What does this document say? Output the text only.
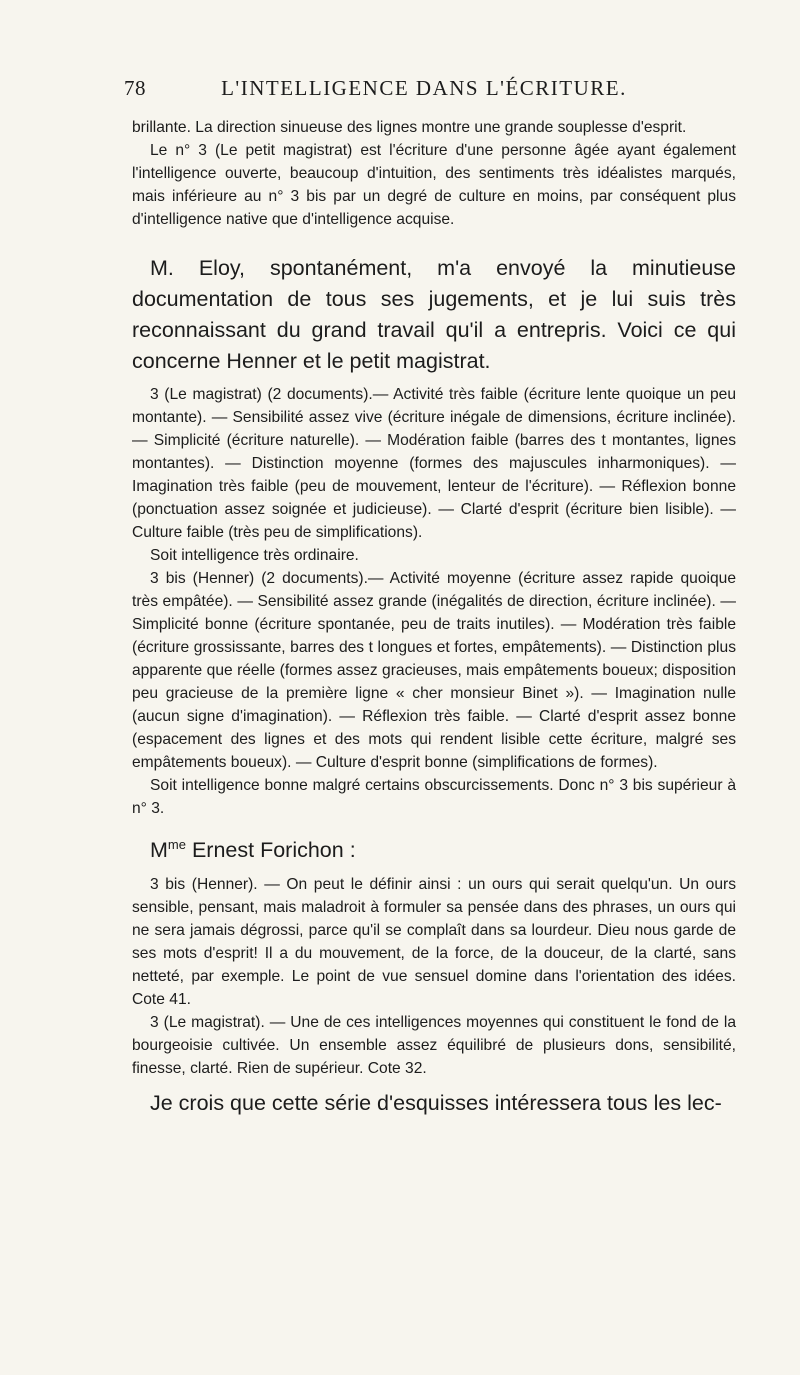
78	L'INTELLIGENCE DANS L'ÉCRITURE.

brillante. La direction sinueuse des lignes montre une grande souplesse d'esprit.

Le n° 3 (Le petit magistrat) est l'écriture d'une personne âgée ayant également l'intelligence ouverte, beaucoup d'intuition, des sentiments très idéalistes marqués, mais inférieure au n° 3 bis par un degré de culture en moins, par conséquent plus d'intelligence native que d'intelligence acquise.

M. Eloy, spontanément, m'a envoyé la minutieuse documentation de tous ses jugements, et je lui suis très reconnaissant du grand travail qu'il a entrepris. Voici ce qui concerne Henner et le petit magistrat.

3 (Le magistrat) (2 documents).— Activité très faible (écriture lente quoique un peu montante). — Sensibilité assez vive (écriture inégale de dimensions, écriture inclinée). — Simplicité (écriture naturelle). — Modération faible (barres des t montantes, lignes montantes). — Distinction moyenne (formes des majuscules inharmoniques). — Imagination très faible (peu de mouvement, lenteur de l'écriture). — Réflexion bonne (ponctuation assez soignée et judicieuse). — Clarté d'esprit (écriture bien lisible). — Culture faible (très peu de simplifications).

Soit intelligence très ordinaire.

3 bis (Henner) (2 documents).— Activité moyenne (écriture assez rapide quoique très empâtée). — Sensibilité assez grande (inégalités de direction, écriture inclinée). — Simplicité bonne (écriture spontanée, peu de traits inutiles). — Modération très faible (écriture grossissante, barres des t longues et fortes, empâtements). — Distinction plus apparente que réelle (formes assez gracieuses, mais empâtements boueux; disposition peu gracieuse de la première ligne « cher monsieur Binet »). — Imagination nulle (aucun signe d'imagination). — Réflexion très faible. — Clarté d'esprit assez bonne (espacement des lignes et des mots qui rendent lisible cette écriture, malgré ses empâtements boueux). — Culture d'esprit bonne (simplifications de formes).

Soit intelligence bonne malgré certains obscurcissements. Donc n° 3 bis supérieur à n° 3.

$M^{me}$ Ernest Forichon :

3 bis (Henner). — On peut le définir ainsi : un ours qui serait quelqu'un. Un ours sensible, pensant, mais maladroit à formuler sa pensée dans des phrases, un ours qui ne sera jamais dégrossi, parce qu'il se complaît dans sa lourdeur. Dieu nous garde de ses mots d'esprit! Il a du mouvement, de la force, de la douceur, de la clarté, sans netteté, par exemple. Le point de vue sensuel domine dans l'orientation des idées. Cote 41.

3 (Le magistrat). — Une de ces intelligences moyennes qui constituent le fond de la bourgeoisie cultivée. Un ensemble assez équilibré de plusieurs dons, sensibilité, finesse, clarté. Rien de supérieur. Cote 32.

Je crois que cette série d'esquisses intéressera tous les lec-
